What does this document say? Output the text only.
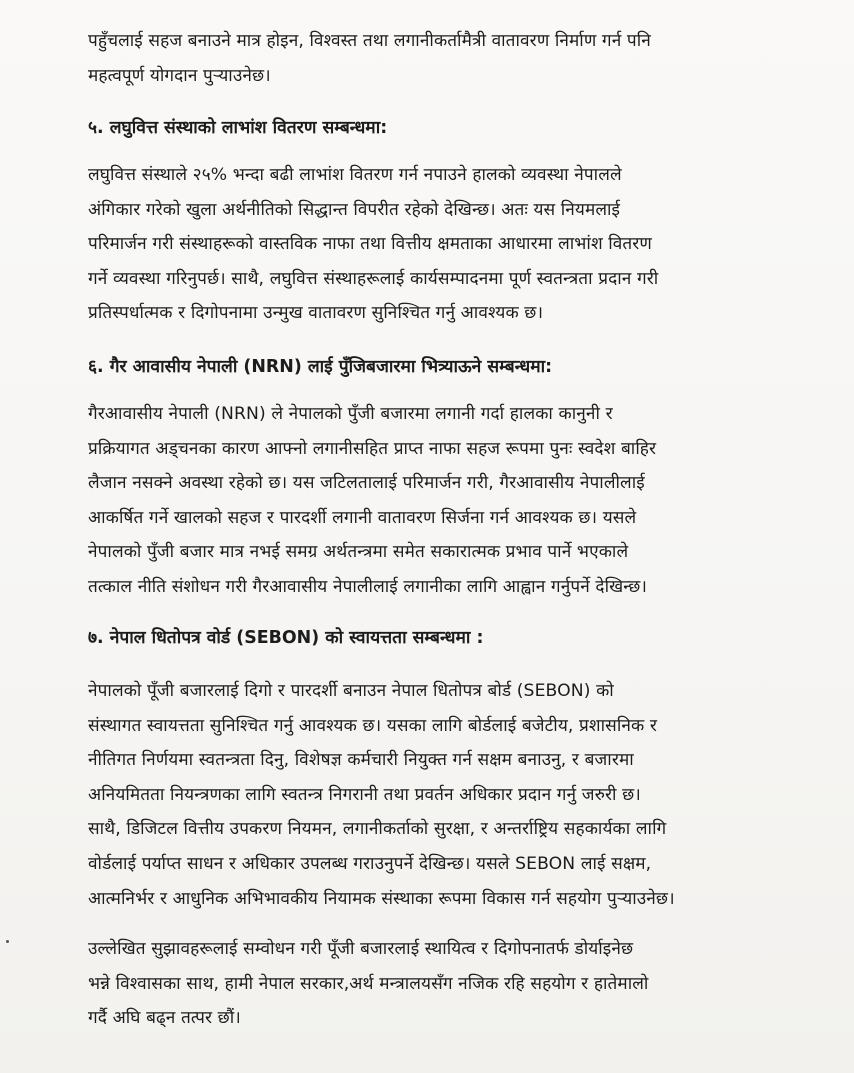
पहुँचलाई सहज बनाउने मात्र होइन, विश्वस्त तथा लगानीकर्तामैत्री वातावरण निर्माण गर्न पनि
महत्वपूर्ण योगदान पुऱ्याउनेछ।
५. लघुवित्त संस्थाको लाभांश वितरण सम्बन्धमा:
लघुवित्त संस्थाले २५% भन्दा बढी लाभांश वितरण गर्न नपाउने हालको व्यवस्था नेपालले
अंगिकार गरेको खुला अर्थनीतिको सिद्धान्त विपरीत रहेको देखिन्छ। अतः यस नियमलाई
परिमार्जन गरी संस्थाहरूको वास्तविक नाफा तथा वित्तीय क्षमताका आधारमा लाभांश वितरण
गर्ने व्यवस्था गरिनुपर्छ। साथै, लघुवित्त संस्थाहरूलाई कार्यसम्पादनमा पूर्ण स्वतन्त्रता प्रदान गरी
प्रतिस्पर्धात्मक र दिगोपनामा उन्मुख वातावरण सुनिश्चित गर्नु आवश्यक छ।
६. गैर आवासीय नेपाली (NRN) लाई पुँजिबजारमा भित्र्याऊने सम्बन्धमा:
गैरआवासीय नेपाली (NRN) ले नेपालको पुँजी बजारमा लगानी गर्दा हालका कानुनी र
प्रक्रियागत अड्चनका कारण आफ्नो लगानीसहित प्राप्त नाफा सहज रूपमा पुनः स्वदेश बाहिर
लैजान नसक्ने अवस्था रहेको छ। यस जटिलतालाई परिमार्जन गरी, गैरआवासीय नेपालीलाई
आकर्षित गर्ने खालको सहज र पारदर्शी लगानी वातावरण सिर्जना गर्न आवश्यक छ। यसले
नेपालको पुँजी बजार मात्र नभई समग्र अर्थतन्त्रमा समेत सकारात्मक प्रभाव पार्ने भएकाले
तत्काल नीति संशोधन गरी गैरआवासीय नेपालीलाई लगानीका लागि आह्वान गर्नुपर्ने देखिन्छ।
७. नेपाल धितोपत्र वोर्ड (SEBON) को स्वायत्तता सम्बन्धमा :
नेपालको पूँजी बजारलाई दिगो र पारदर्शी बनाउन नेपाल धितोपत्र बोर्ड (SEBON) को
संस्थागत स्वायत्तता सुनिश्चित गर्नु आवश्यक छ। यसका लागि बोर्डलाई बजेटीय, प्रशासनिक र
नीतिगत निर्णयमा स्वतन्त्रता दिनु, विशेषज्ञ कर्मचारी नियुक्त गर्न सक्षम बनाउनु, र बजारमा
अनियमितता नियन्त्रणका लागि स्वतन्त्र निगरानी तथा प्रवर्तन अधिकार प्रदान गर्नु जरुरी छ।
साथै, डिजिटल वित्तीय उपकरण नियमन, लगानीकर्ताको सुरक्षा, र अन्तर्राष्ट्रिय सहकार्यका लागि
वोर्डलाई पर्याप्त साधन र अधिकार उपलब्ध गराउनुपर्ने देखिन्छ। यसले SEBON लाई सक्षम,
आत्मनिर्भर र आधुनिक अभिभावकीय नियामक संस्थाका रूपमा विकास गर्न सहयोग पुऱ्याउनेछ।
उल्लेखित सुझावहरूलाई सम्वोधन गरी पूँजी बजारलाई स्थायित्व र दिगोपनातर्फ डोर्याइनेछ
भन्ने विश्वासका साथ, हामी नेपाल सरकार,अर्थ मन्त्रालयसँग नजिक रहि सहयोग र हातेमालो
गर्दै अघि बढ्न तत्पर छौं।
